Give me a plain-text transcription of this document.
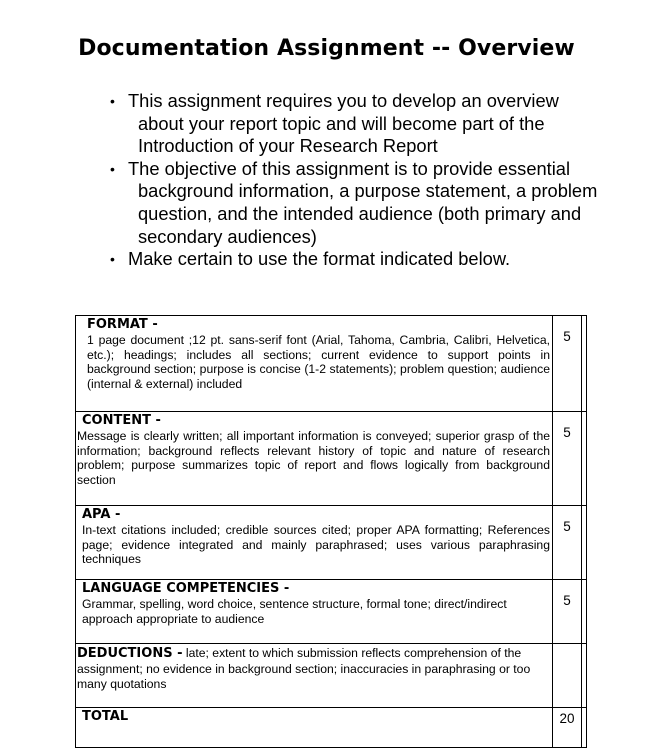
Documentation Assignment -- Overview
• This assignment requires you to develop an overview about your report topic and will become part of the Introduction of your Research Report
• The objective of this assignment is to provide essential background information, a purpose statement, a problem question, and the intended audience (both primary and secondary audiences)
• Make certain to use the format indicated below.
FORMAT -
1 page document ;12 pt. sans-serif font (Arial, Tahoma, Cambria, Calibri, Helvetica, etc.); headings; includes all sections; current evidence to support points in background section; purpose is concise (1-2 statements); problem question; audience (internal & external) included	5	

CONTENT -
Message is clearly written; all important information is conveyed; superior grasp of the information; background reflects relevant history of topic and nature of research problem; purpose summarizes topic of report and flows logically from background section	5	

APA -
In-text citations included; credible sources cited; proper APA formatting; References page; evidence integrated and mainly paraphrased; uses various paraphrasing techniques	5	

LANGUAGE COMPETENCIES -
Grammar, spelling, word choice, sentence structure, formal tone; direct/indirect approach appropriate to audience	5	
DEDUCTIONS - late; extent to which submission reflects comprehension of the assignment; no evidence in background section; inaccuracies in paraphrasing or too many quotations		

TOTAL	20	
